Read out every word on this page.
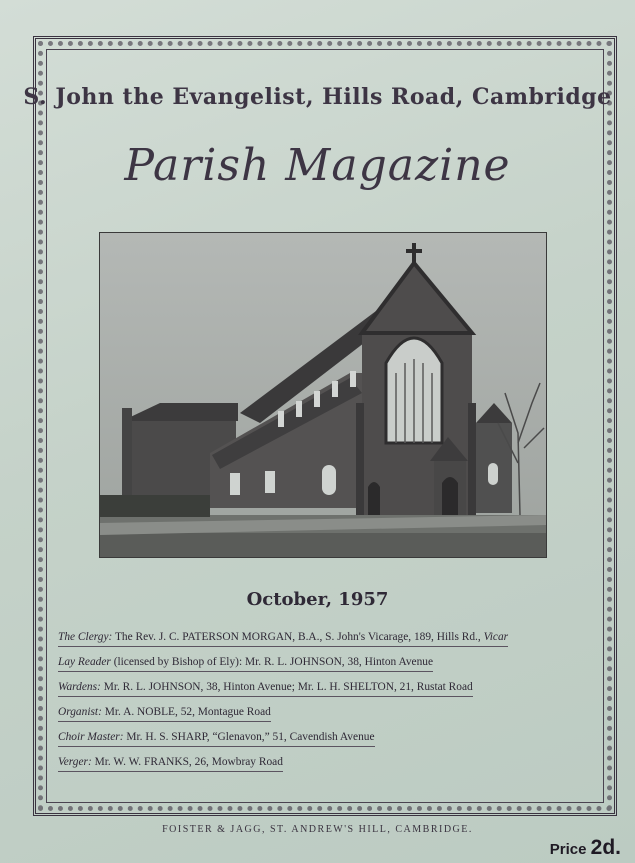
S. John the Evangelist, Hills Road, Cambridge
Parish Magazine
October, 1957
The Clergy: The Rev. J. C. PATERSON MORGAN, B.A., S. John's Vicarage, 189, Hills Rd., Vicar
Lay Reader (licensed by Bishop of Ely): Mr. R. L. JOHNSON, 38, Hinton Avenue
Wardens: Mr. R. L. JOHNSON, 38, Hinton Avenue; Mr. L. H. SHELTON, 21, Rustat Road
Organist: Mr. A. NOBLE, 52, Montague Road
Choir Master: Mr. H. S. SHARP, “Glenavon,” 51, Cavendish Avenue
Verger: Mr. W. W. FRANKS, 26, Mowbray Road
FOISTER & JAGG, ST. ANDREW'S HILL, CAMBRIDGE.
Price 2d.
